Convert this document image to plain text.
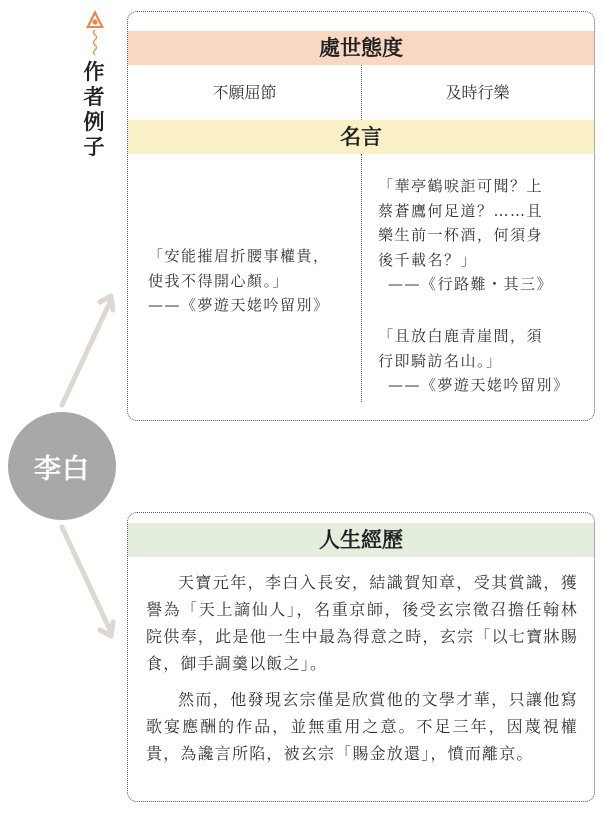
作
者
例
子
李白
處世態度
不願屈節	及時行樂
名言
「安能摧眉折腰事權貴，
使我不得開心顏。」
——《夢遊天姥吟留別》
「華亭鶴唳詎可聞？上
蔡蒼鷹何足道？……且
樂生前一杯酒，何須身
後千載名？」
——《行路難・其三》
「且放白鹿青崖間，須
行即騎訪名山。」
——《夢遊天姥吟留別》
人生經歷

天寶元年，李白入長安，結識賀知章，受其賞識，獲譽為「天上謫仙人」，名重京師，後受玄宗徵召擔任翰林院供奉，此是他一生中最為得意之時，玄宗「以七寶牀賜食，御手調羹以飯之」。

然而，他發現玄宗僅是欣賞他的文學才華，只讓他寫歌宴應酬的作品，並無重用之意。不足三年，因蔑視權貴，為讒言所陷，被玄宗「賜金放還」，憤而離京。
